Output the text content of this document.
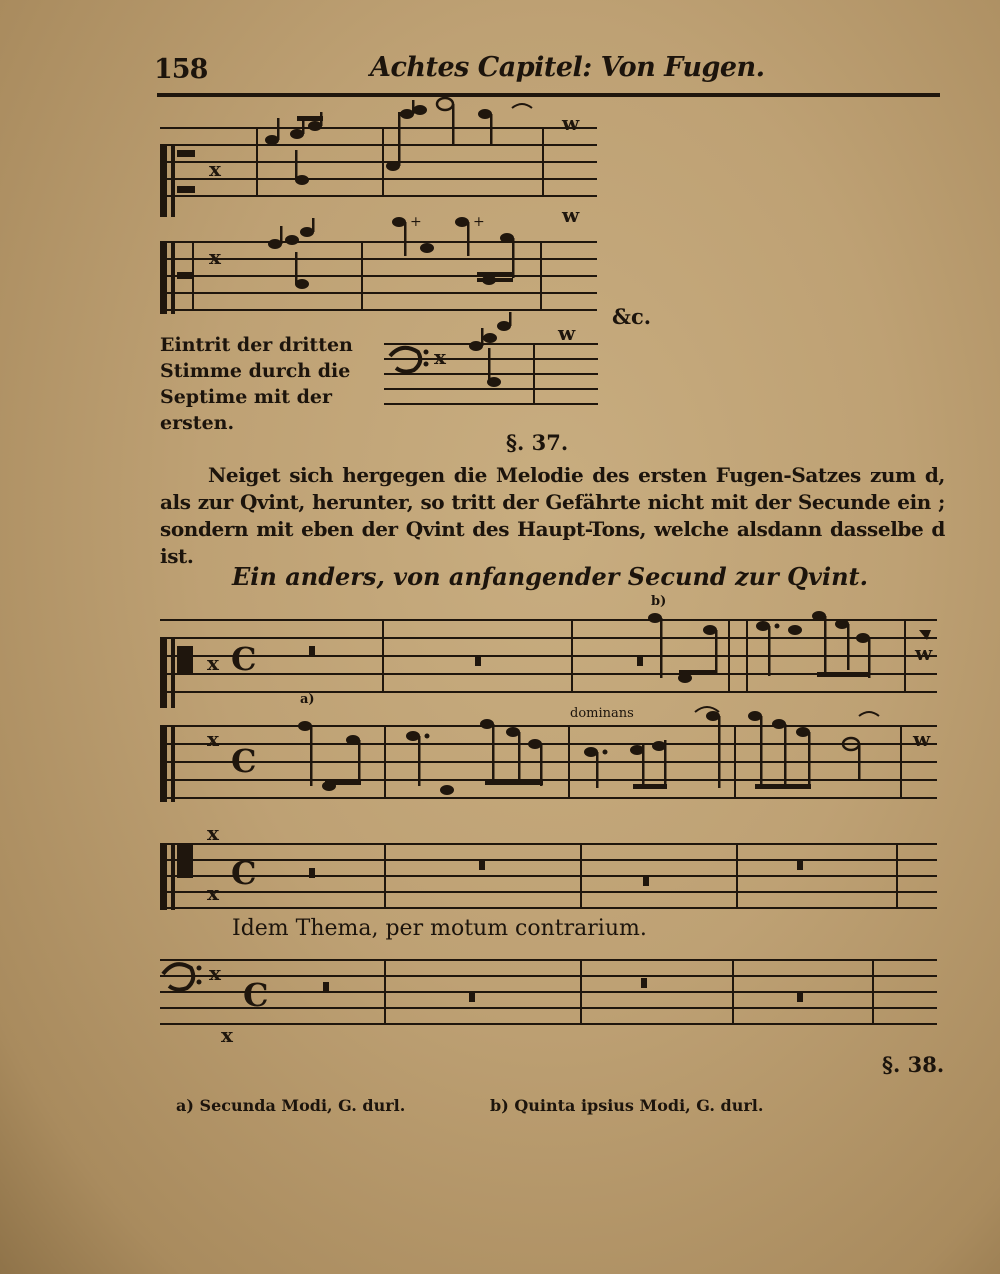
158	Achtes Capitel: Von Fugen.
x
w
x
+	+	w
x
w
Eintrit der dritten Stimme durch die Septime mit der ersten.
&c.
§. 37.

Neiget sich hergegen die Melodie des ersten Fugen-Satzes zum d, als zur Qvint, herunter, so tritt der Gefährte nicht mit der Secunde ein ; sondern mit eben der Qvint des Haupt-Tons, welche alsdann dasselbe d ist.

Ein anders, von anfangender Secund zur Qvint.
x C	w
b)
x
C
w
a)
dominans
x
x
C
Idem Thema, per motum contrarium.
x
x
C
§. 38.
a) Secunda Modi, G. durl.	b) Quinta ipsius Modi, G. durl.
